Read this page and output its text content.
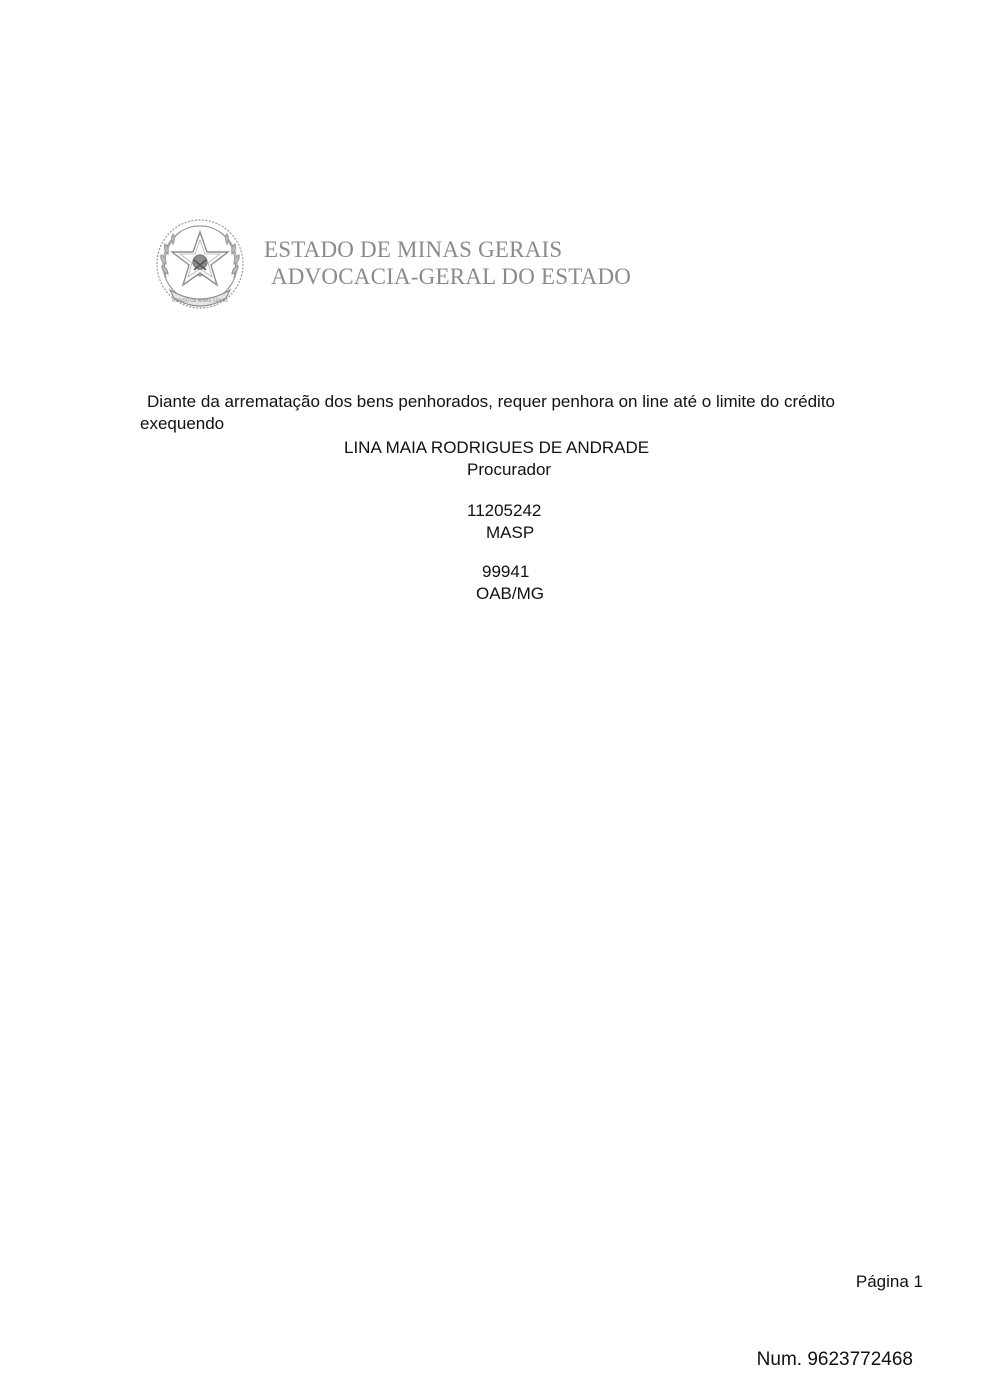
ESTADO DE MINAS GERAIS
ESTADO DE MINAS GERAIS
ADVOCACIA-GERAL DO ESTADO
Diante da arrematação dos bens penhorados, requer penhora on line até o limite do crédito
exequendo
LINA MAIA RODRIGUES DE ANDRADE
Procurador
11205242
MASP
99941
OAB/MG
Página 1
Num. 9623772468
